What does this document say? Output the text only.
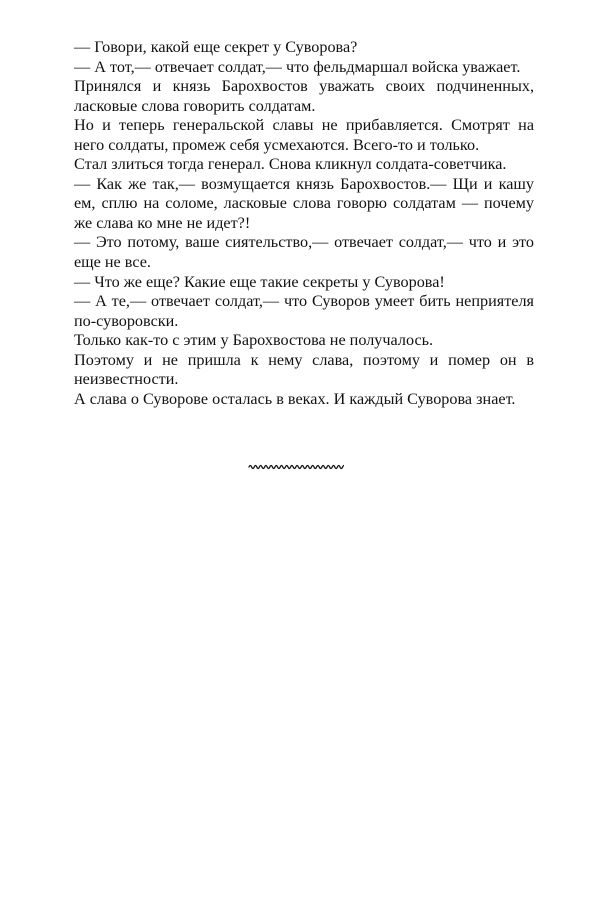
— Говори, какой еще секрет у Суворова?

— А тот,— отвечает солдат,— что фельдмаршал войска уважает.

Принялся и князь Барохвостов уважать своих подчиненных, ласковые слова говорить солдатам.

Но и теперь генеральской славы не прибавляется. Смотрят на него солдаты, промеж себя усмехаются. Всего-то и только.

Стал злиться тогда генерал. Снова кликнул солдата-советчика.

— Как же так,— возмущается князь Барохвостов.— Щи и кашу ем, сплю на соломе, ласковые слова говорю солдатам — почему же слава ко мне не идет?!

— Это потому, ваше сиятельство,— отвечает солдат,— что и это еще не все.

— Что же еще? Какие еще такие секреты у Суворова!

— А те,— отвечает солдат,— что Суворов умеет бить неприятеля по-суворовски.

Только как-то с этим у Барохвостова не получалось.

Поэтому и не пришла к нему слава, поэтому и помер он в неизвестности.

А слава о Суворове осталась в веках. И каждый Суворова знает.
